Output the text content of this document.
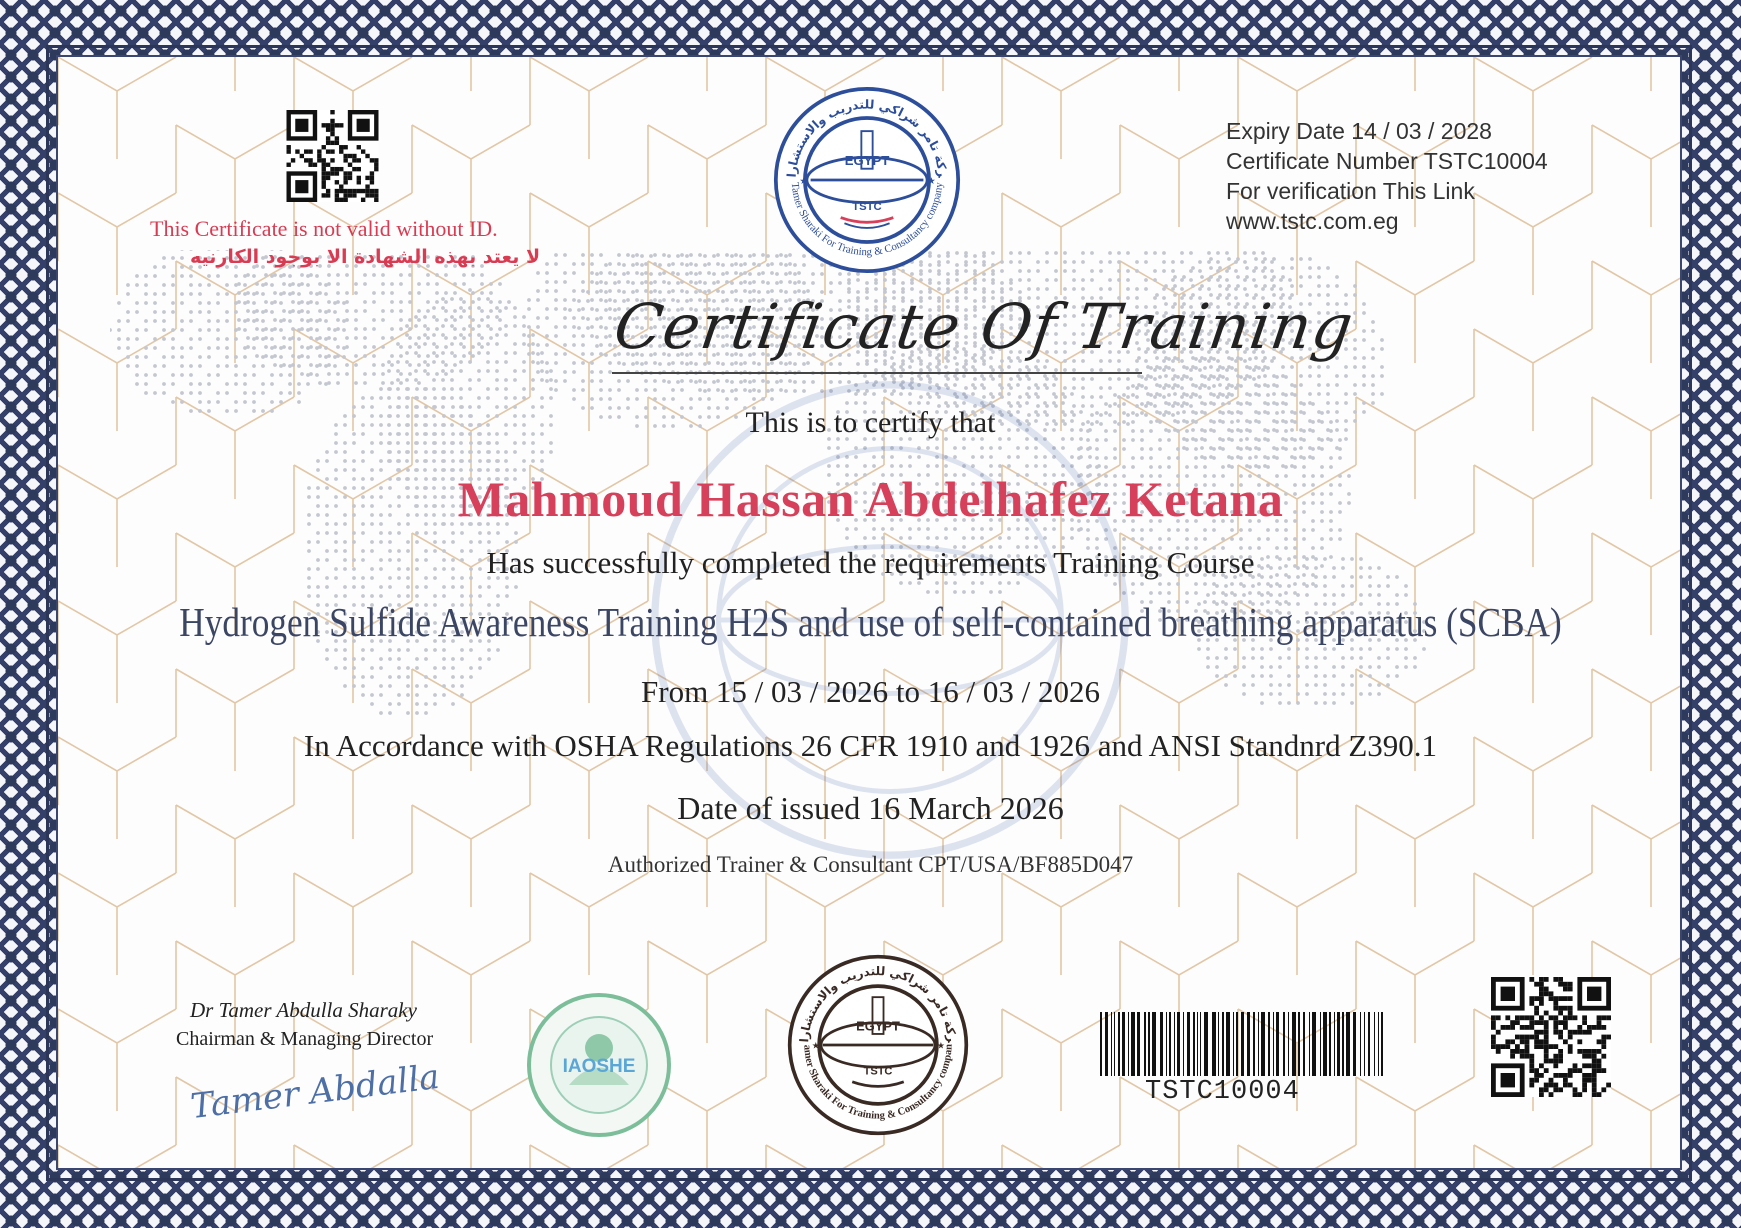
This Certificate is not valid without ID.
لا يعتد بهذه الشهادة الا بوجود الكارنيه
ركة تامر شراكي للتدريب والاستشارات
Tamer Sharaki For Training & Consultancy company
EGYPT
TSTC
★	★
Expiry Date 14 / 03 / 2028
Certificate Number TSTC10004
For verification This Link
www.tstc.com.eg
Certificate Of Training
This is to certify that
Mahmoud Hassan Abdelhafez Ketana
Has successfully completed the requirements Training Course
Hydrogen Sulfide Awareness Training H2S and use of self-contained breathing apparatus (SCBA)
From 15 / 03 / 2026 to 16 / 03 / 2026
In Accordance with OSHA Regulations 26 CFR 1910 and 1926 and ANSI Standnrd Z390.1
Date of issued 16 March 2026
Authorized Trainer & Consultant CPT/USA/BF885D047
Dr Tamer Abdulla Sharaky
Chairman & Managing Director
Tamer Abdalla	IAOSHE
ركة تامر شراكي للتدريب والاستشارات
amer Sharaki For Training & Consultancy compan
EGYPT
TSTC
★	★
TSTC10004
